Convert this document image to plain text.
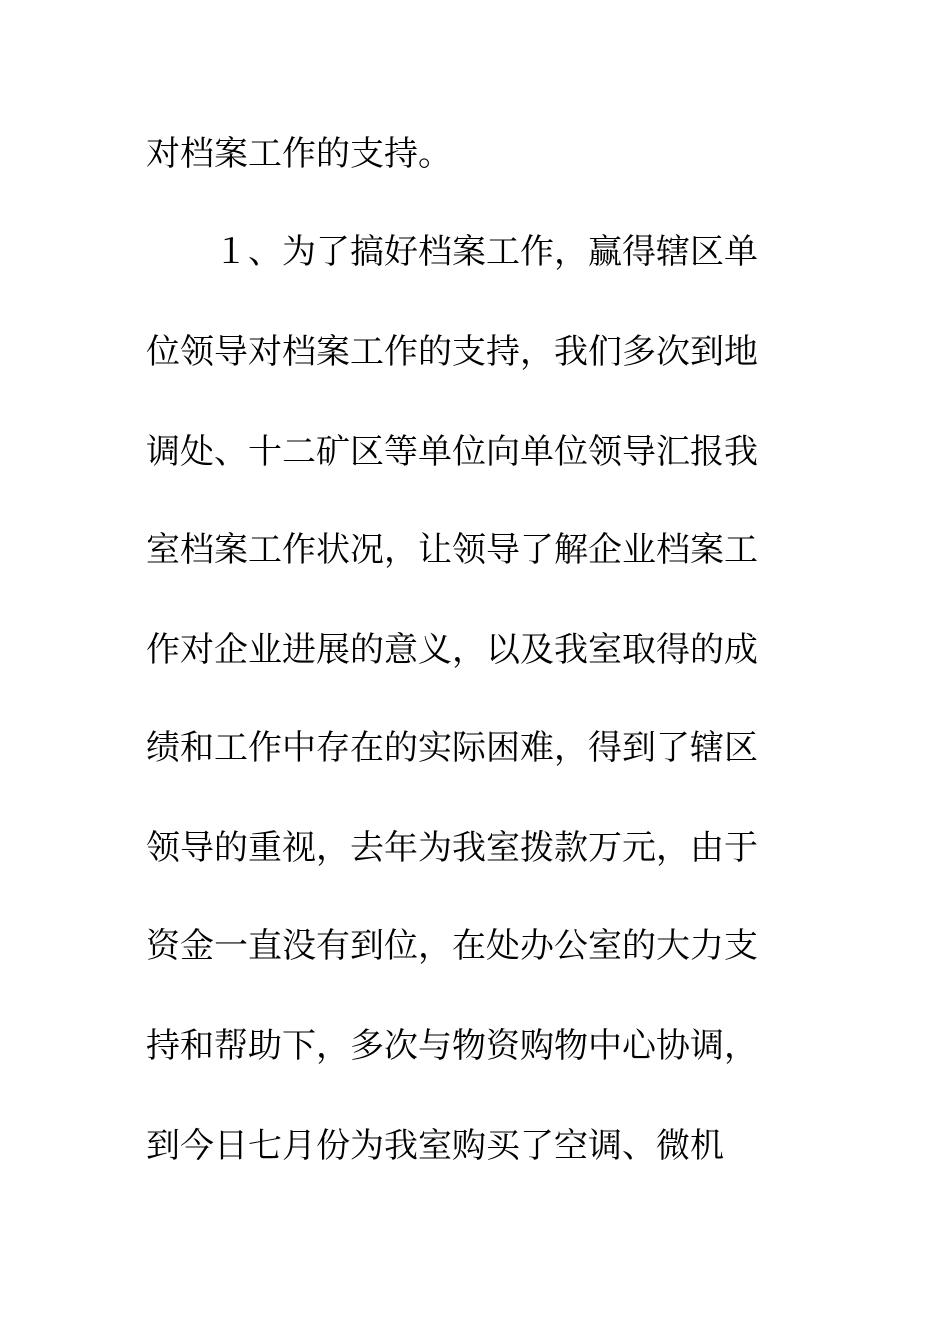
对档案工作的支持。
１、为了搞好档案工作，赢得辖区单
位领导对档案工作的支持，我们多次到地
调处、十二矿区等单位向单位领导汇报我
室档案工作状况，让领导了解企业档案工
作对企业进展的意义，以及我室取得的成
绩和工作中存在的实际困难，得到了辖区
领导的重视，去年为我室拨款万元，由于
资金一直没有到位，在处办公室的大力支
持和帮助下，多次与物资购物中心协调，
到今日七月份为我室购买了空调、微机
